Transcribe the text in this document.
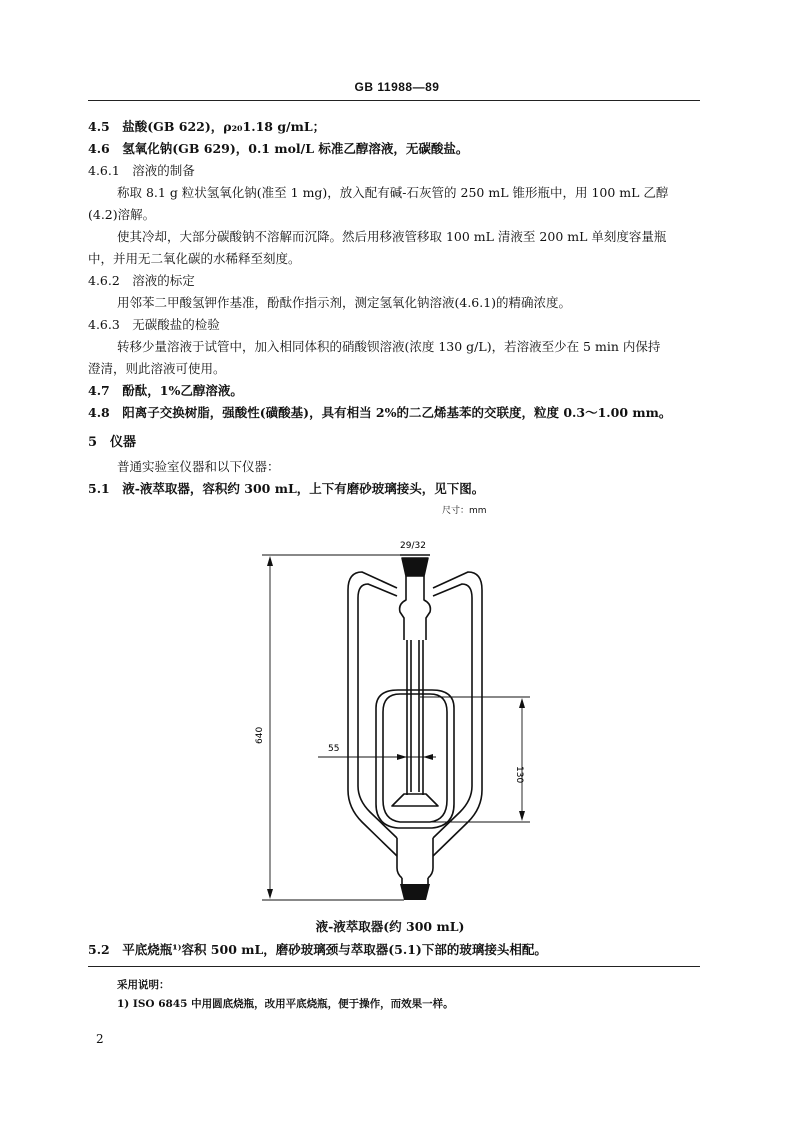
GB 11988—89
4.5　盐酸(GB 622)，ρ₂₀1.18 g/mL；
4.6　氢氧化钠(GB 629)，0.1 mol/L 标准乙醇溶液，无碳酸盐。
4.6.1　溶液的制备
称取 8.1 g 粒状氢氧化钠(准至 1 mg)，放入配有碱-石灰管的 250 mL 锥形瓶中，用 100 mL 乙醇
(4.2)溶解。
使其冷却，大部分碳酸钠不溶解而沉降。然后用移液管移取 100 mL 清液至 200 mL 单刻度容量瓶
中，并用无二氧化碳的水稀释至刻度。
4.6.2　溶液的标定
用邻苯二甲酸氢钾作基准，酚酞作指示剂，测定氢氧化钠溶液(4.6.1)的精确浓度。
4.6.3　无碳酸盐的检验
转移少量溶液于试管中，加入相同体积的硝酸钡溶液(浓度 130 g/L)，若溶液至少在 5 min 内保持
澄清，则此溶液可使用。
4.7　酚酞，1%乙醇溶液。
4.8　阳离子交换树脂，强酸性(磺酸基)，具有相当 2%的二乙烯基苯的交联度，粒度 0.3～1.00 mm。
5　仪器
普通实验室仪器和以下仪器：
5.1　液-液萃取器，容积约 300 mL，上下有磨砂玻璃接头，见下图。
尺寸：mm
29/32
640
55
130
液-液萃取器(约 300 mL)
5.2　平底烧瓶¹⁾容积 500 mL，磨砂玻璃颈与萃取器(5.1)下部的玻璃接头相配。
采用说明：
1) ISO 6845 中用圆底烧瓶，改用平底烧瓶，便于操作，而效果一样。
2
